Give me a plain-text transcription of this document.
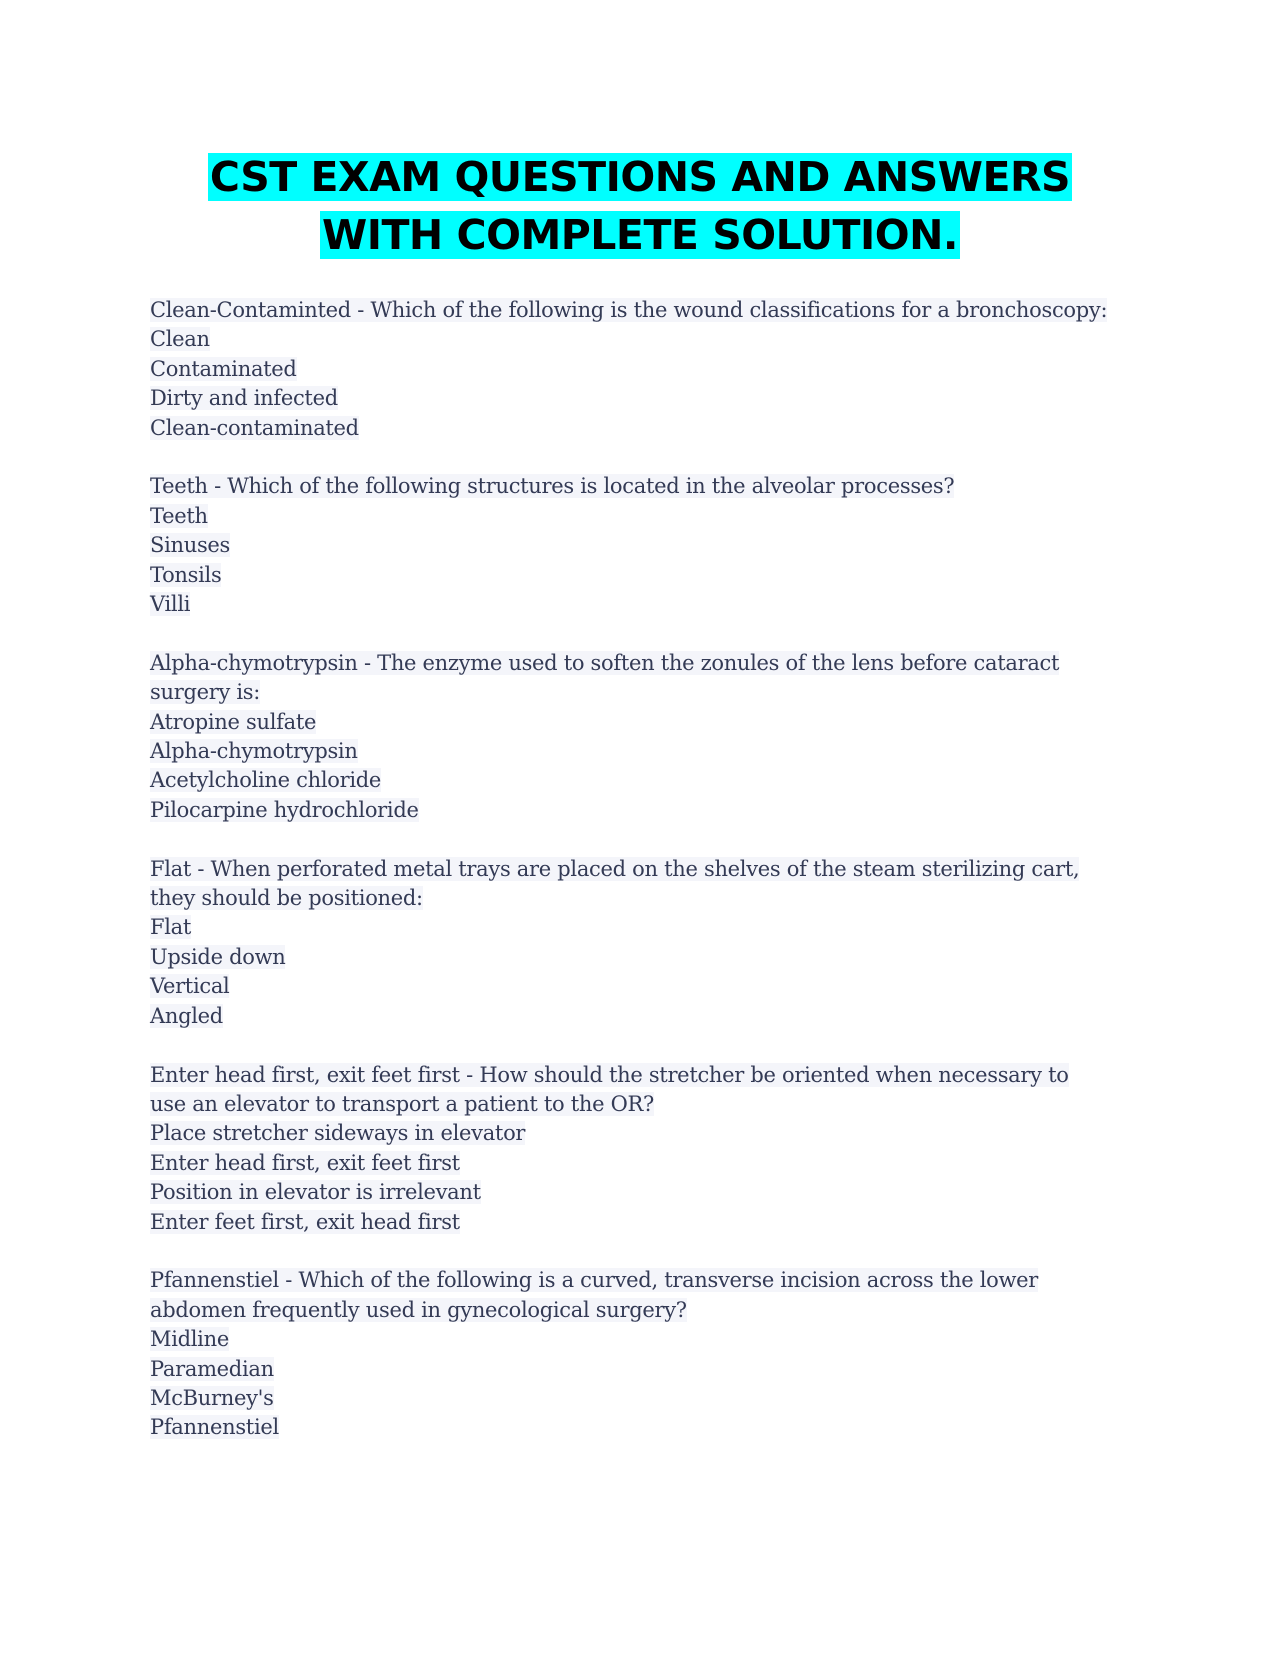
CST EXAM QUESTIONS AND ANSWERS
WITH COMPLETE SOLUTION.
Clean-Contaminted - Which of the following is the wound classifications for a bronchoscopy:
Clean
Contaminated
Dirty and infected
Clean-contaminated
Teeth - Which of the following structures is located in the alveolar processes?
Teeth
Sinuses
Tonsils
Villi
Alpha-chymotrypsin - The enzyme used to soften the zonules of the lens before cataract surgery is:
Atropine sulfate
Alpha-chymotrypsin
Acetylcholine chloride
Pilocarpine hydrochloride
Flat - When perforated metal trays are placed on the shelves of the steam sterilizing cart, they should be positioned:
Flat
Upside down
Vertical
Angled
Enter head first, exit feet first - How should the stretcher be oriented when necessary to use an elevator to transport a patient to the OR?
Place stretcher sideways in elevator
Enter head first, exit feet first
Position in elevator is irrelevant
Enter feet first, exit head first
Pfannenstiel - Which of the following is a curved, transverse incision across the lower abdomen frequently used in gynecological surgery?
Midline
Paramedian
McBurney's
Pfannenstiel
